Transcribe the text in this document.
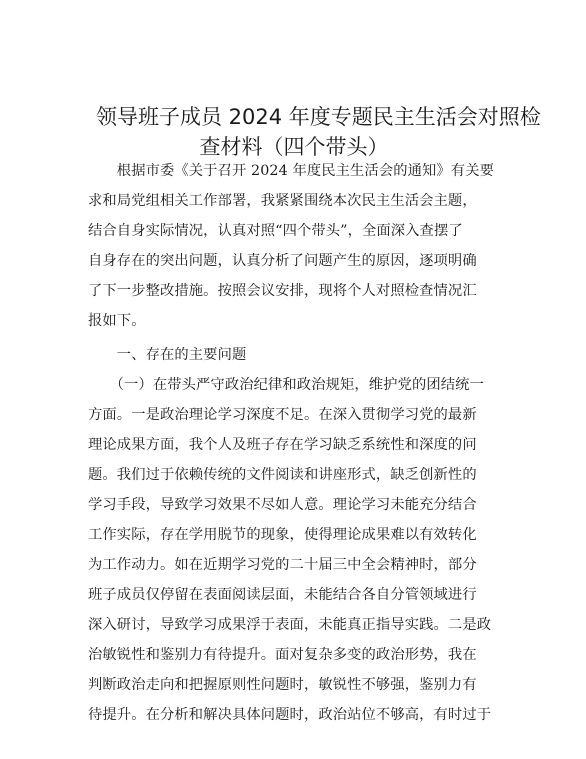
领导班子成员 2024 年度专题民主生活会对照检
查材料（四个带头）
　　根据市委《关于召开 2024 年度民主生活会的通知》有关要
求和局党组相关工作部署，我紧紧围绕本次民主生活会主题，
结合自身实际情况，认真对照“四个带头”，全面深入查摆了
自身存在的突出问题，认真分析了问题产生的原因，逐项明确
了下一步整改措施。按照会议安排，现将个人对照检查情况汇
报如下。
　　一、存在的主要问题
　　（一）在带头严守政治纪律和政治规矩，维护党的团结统一
方面。一是政治理论学习深度不足。在深入贯彻学习党的最新
理论成果方面，我个人及班子存在学习缺乏系统性和深度的问
题。我们过于依赖传统的文件阅读和讲座形式，缺乏创新性的
学习手段，导致学习效果不尽如人意。理论学习未能充分结合
工作实际，存在学用脱节的现象，使得理论成果难以有效转化
为工作动力。如在近期学习党的二十届三中全会精神时，部分
班子成员仅停留在表面阅读层面，未能结合各自分管领域进行
深入研讨，导致学习成果浮于表面，未能真正指导实践。二是政
治敏锐性和鉴别力有待提升。面对复杂多变的政治形势，我在
判断政治走向和把握原则性问题时，敏锐性不够强，鉴别力有
待提升。在分析和解决具体问题时，政治站位不够高，有时过于
